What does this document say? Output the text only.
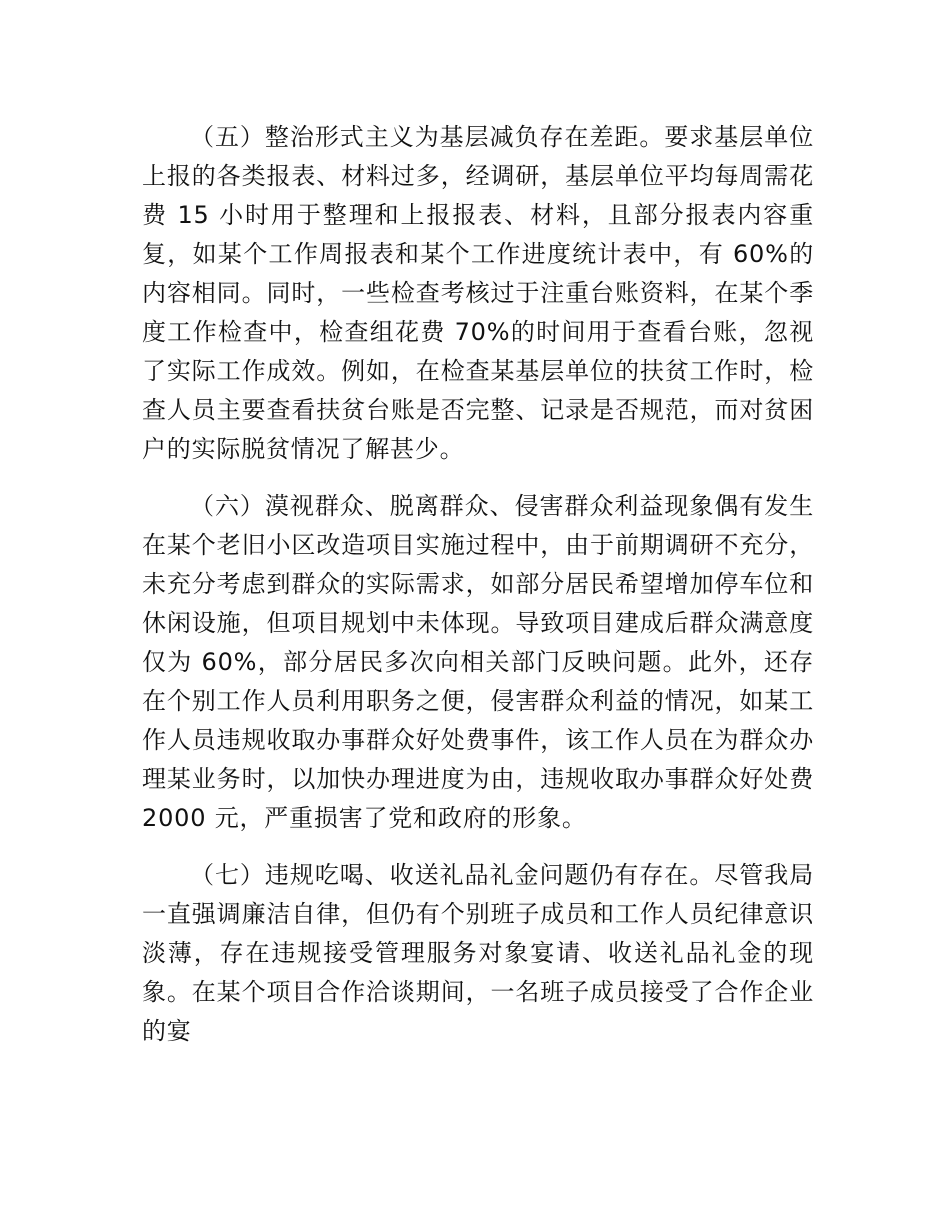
（五）整治形式主义为基层减负存在差距。要求基层单位上报的各类报表、材料过多，经调研，基层单位平均每周需花费 15 小时用于整理和上报报表、材料，且部分报表内容重复，如某个工作周报表和某个工作进度统计表中，有 60%的内容相同。同时，一些检查考核过于注重台账资料，在某个季度工作检查中，检查组花费 70%的时间用于查看台账，忽视了实际工作成效。例如，在检查某基层单位的扶贫工作时，检查人员主要查看扶贫台账是否完整、记录是否规范，而对贫困户的实际脱贫情况了解甚少。

（六）漠视群众、脱离群众、侵害群众利益现象偶有发生在某个老旧小区改造项目实施过程中，由于前期调研不充分，未充分考虑到群众的实际需求，如部分居民希望增加停车位和休闲设施，但项目规划中未体现。导致项目建成后群众满意度仅为 60%，部分居民多次向相关部门反映问题。此外，还存在个别工作人员利用职务之便，侵害群众利益的情况，如某工作人员违规收取办事群众好处费事件，该工作人员在为群众办理某业务时，以加快办理进度为由，违规收取办事群众好处费2000 元，严重损害了党和政府的形象。

（七）违规吃喝、收送礼品礼金问题仍有存在。尽管我局一直强调廉洁自律，但仍有个别班子成员和工作人员纪律意识淡薄，存在违规接受管理服务对象宴请、收送礼品礼金的现象。在某个项目合作洽谈期间，一名班子成员接受了合作企业的宴
